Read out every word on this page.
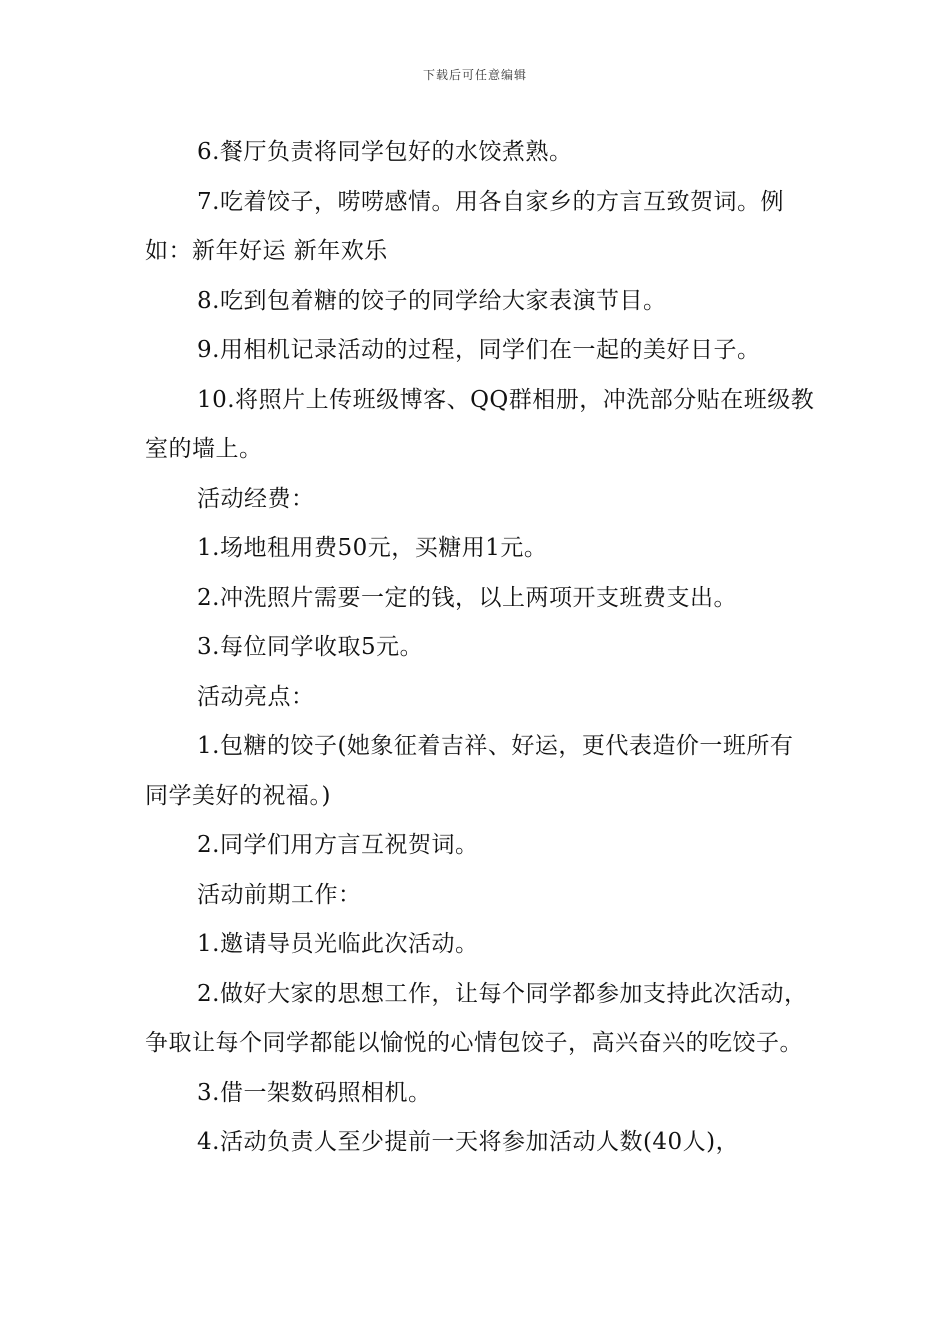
下载后可任意编辑

6.餐厅负责将同学包好的水饺煮熟。

7.吃着饺子，唠唠感情。用各自家乡的方言互致贺词。例如：新年好运 新年欢乐

8.吃到包着糖的饺子的同学给大家表演节目。

9.用相机记录活动的过程，同学们在一起的美好日子。

10.将照片上传班级博客、QQ群相册，冲洗部分贴在班级教室的墙上。

活动经费：

1.场地租用费50元，买糖用1元。

2.冲洗照片需要一定的钱，以上两项开支班费支出。

3.每位同学收取5元。

活动亮点：

1.包糖的饺子(她象征着吉祥、好运，更代表造价一班所有同学美好的祝福。)

2.同学们用方言互祝贺词。

活动前期工作：

1.邀请导员光临此次活动。

2.做好大家的思想工作，让每个同学都参加支持此次活动，争取让每个同学都能以愉悦的心情包饺子，高兴奋兴的吃饺子。

3.借一架数码照相机。

4.活动负责人至少提前一天将参加活动人数(40人)，
